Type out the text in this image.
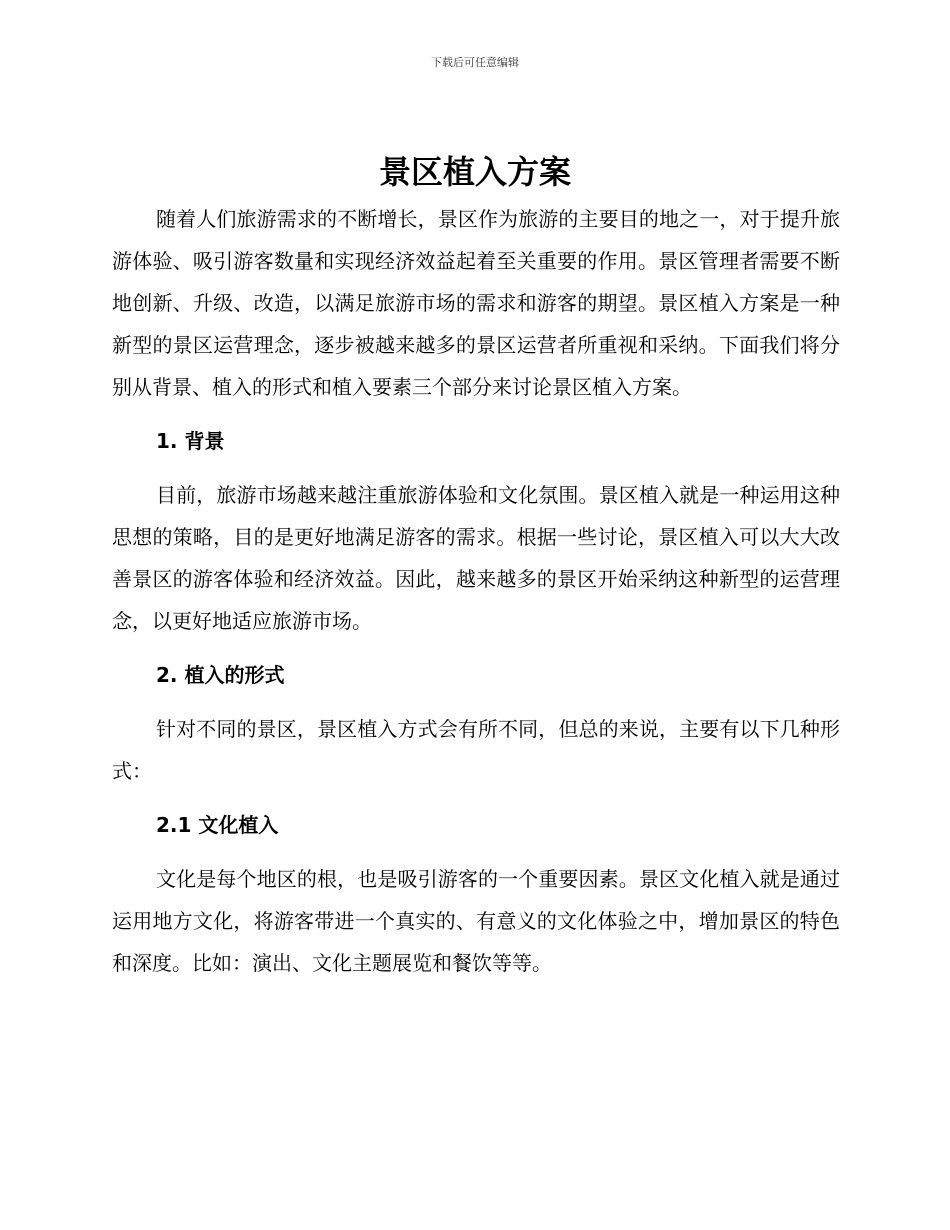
下载后可任意编辑
景区植入方案

随着人们旅游需求的不断增长，景区作为旅游的主要目的地之一，对于提升旅游体验、吸引游客数量和实现经济效益起着至关重要的作用。景区管理者需要不断地创新、升级、改造，以满足旅游市场的需求和游客的期望。景区植入方案是一种新型的景区运营理念，逐步被越来越多的景区运营者所重视和采纳。下面我们将分别从背景、植入的形式和植入要素三个部分来讨论景区植入方案。

1. 背景

目前，旅游市场越来越注重旅游体验和文化氛围。景区植入就是一种运用这种思想的策略，目的是更好地满足游客的需求。根据一些讨论，景区植入可以大大改善景区的游客体验和经济效益。因此，越来越多的景区开始采纳这种新型的运营理念，以更好地适应旅游市场。

2. 植入的形式

针对不同的景区，景区植入方式会有所不同，但总的来说，主要有以下几种形式：

2.1 文化植入

文化是每个地区的根，也是吸引游客的一个重要因素。景区文化植入就是通过运用地方文化，将游客带进一个真实的、有意义的文化体验之中，增加景区的特色和深度。比如：演出、文化主题展览和餐饮等等。
